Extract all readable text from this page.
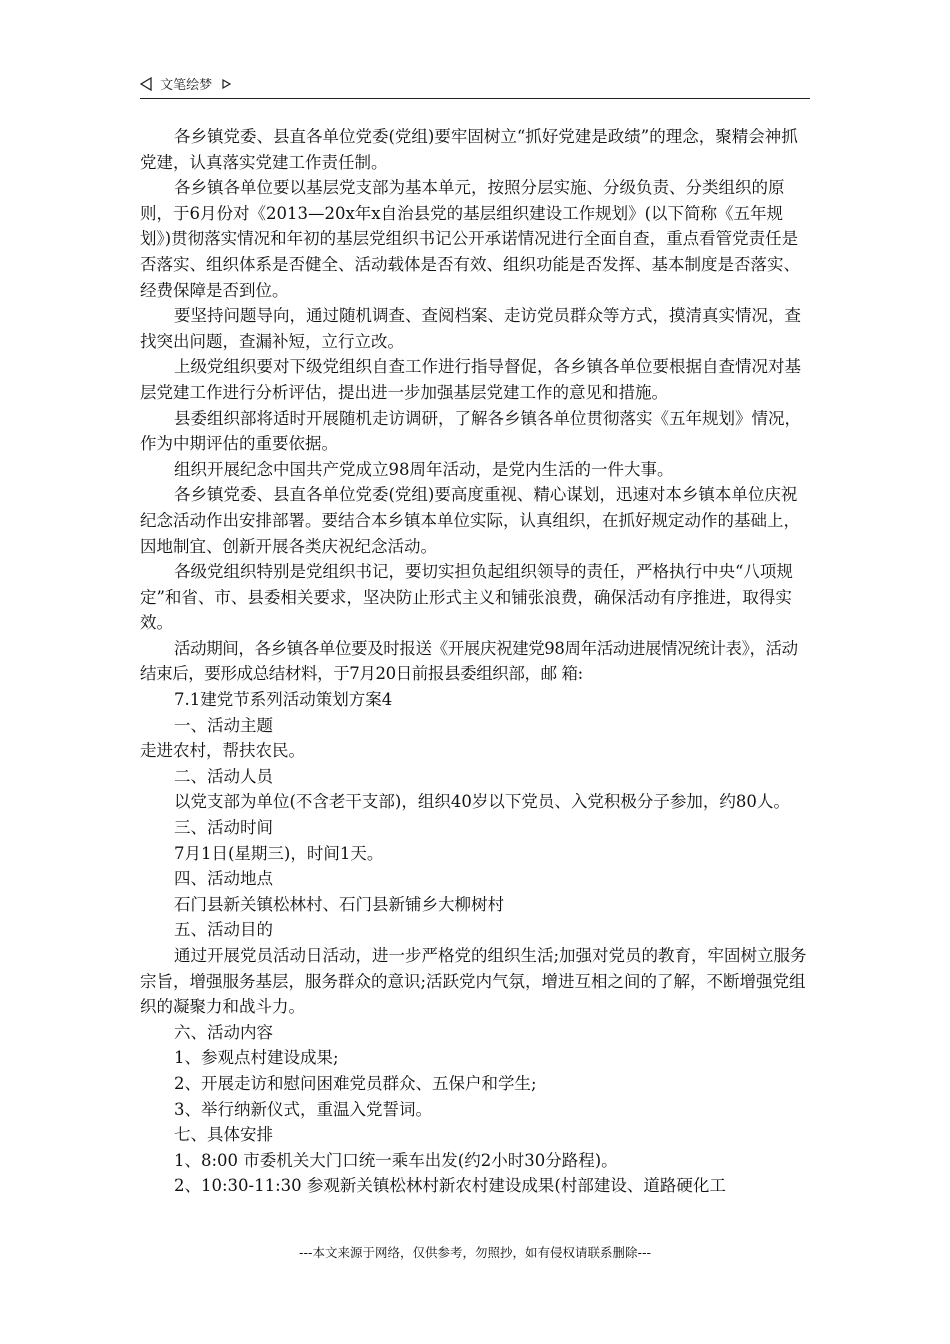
文笔绘梦

各乡镇党委、县直各单位党委(党组)要牢固树立“抓好党建是政绩”的理念，聚精会神抓党建，认真落实党建工作责任制。

各乡镇各单位要以基层党支部为基本单元，按照分层实施、分级负责、分类组织的原则，于6月份对《2013—20x年x自治县党的基层组织建设工作规划》(以下简称《五年规划》)贯彻落实情况和年初的基层党组织书记公开承诺情况进行全面自查，重点看管党责任是否落实、组织体系是否健全、活动载体是否有效、组织功能是否发挥、基本制度是否落实、经费保障是否到位。

要坚持问题导向，通过随机调查、查阅档案、走访党员群众等方式，摸清真实情况，查找突出问题，查漏补短，立行立改。

上级党组织要对下级党组织自查工作进行指导督促，各乡镇各单位要根据自查情况对基层党建工作进行分析评估，提出进一步加强基层党建工作的意见和措施。

县委组织部将适时开展随机走访调研，了解各乡镇各单位贯彻落实《五年规划》情况，作为中期评估的重要依据。

组织开展纪念中国共产党成立98周年活动，是党内生活的一件大事。

各乡镇党委、县直各单位党委(党组)要高度重视、精心谋划，迅速对本乡镇本单位庆祝纪念活动作出安排部署。要结合本乡镇本单位实际，认真组织，在抓好规定动作的基础上，因地制宜、创新开展各类庆祝纪念活动。

各级党组织特别是党组织书记，要切实担负起组织领导的责任，严格执行中央“八项规定”和省、市、县委相关要求，坚决防止形式主义和铺张浪费，确保活动有序推进，取得实效。

活动期间，各乡镇各单位要及时报送《开展庆祝建党98周年活动进展情况统计表》，活动结束后，要形成总结材料，于7月20日前报县委组织部，邮 箱:

7.1建党节系列活动策划方案4

一、活动主题

走进农村，帮扶农民。

二、活动人员

以党支部为单位(不含老干支部)，组织40岁以下党员、入党积极分子参加，约80人。

三、活动时间

7月1日(星期三)，时间1天。

四、活动地点

石门县新关镇松林村、石门县新铺乡大柳树村

五、活动目的

通过开展党员活动日活动，进一步严格党的组织生活;加强对党员的教育，牢固树立服务宗旨，增强服务基层，服务群众的意识;活跃党内气氛，增进互相之间的了解，不断增强党组织的凝聚力和战斗力。

六、活动内容

1、参观点村建设成果;

2、开展走访和慰问困难党员群众、五保户和学生;

3、举行纳新仪式，重温入党誓词。

七、具体安排

1、8:00 市委机关大门口统一乘车出发(约2小时30分路程)。

2、10:30-11:30 参观新关镇松林村新农村建设成果(村部建设、道路硬化工

---本文来源于网络，仅供参考，勿照抄，如有侵权请联系删除---
